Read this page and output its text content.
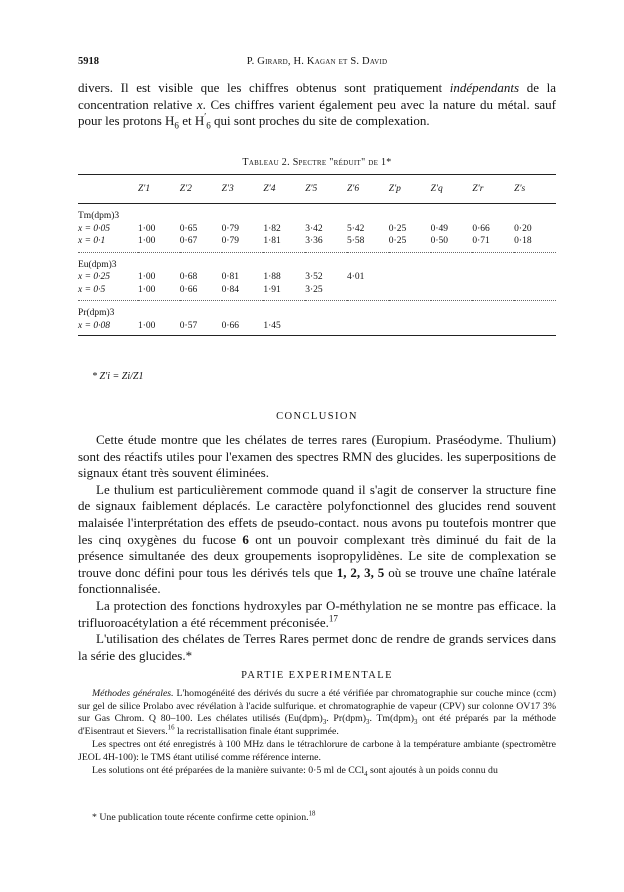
5918	P. Girard, H. Kagan et S. David

divers. Il est visible que les chiffres obtenus sont pratiquement indépendants de la concentration relative x. Ces chiffres varient également peu avec la nature du métal. sauf pour les protons $H_6$ et $H'_6$ qui sont proches du site de complexation.

Tableau 2. Spectre "réduit" de 1*
	Z′1	Z′2	Z′3	Z′4	Z′5	Z′6	Z′p	Z′q	Z′r	Z′s
Tm(dpm)3										
x = 0·05	1·00	0·65	0·79	1·82	3·42	5·42	0·25	0·49	0·66	0·20
x = 0·1	1·00	0·67	0·79	1·81	3·36	5·58	0·25	0·50	0·71	0·18

Eu(dpm)3										
x = 0·25	1·00	0·68	0·81	1·88	3·52	4·01				
x = 0·5	1·00	0·66	0·84	1·91	3·25					

Pr(dpm)3										
x = 0·08	1·00	0·57	0·66	1·45						
* Z′i = Zi/Z1
CONCLUSION

Cette étude montre que les chélates de terres rares (Europium. Praséodyme. Thulium) sont des réactifs utiles pour l'examen des spectres RMN des glucides. les superpositions de signaux étant très souvent éliminées.

Le thulium est particulièrement commode quand il s'agit de conserver la structure fine de signaux faiblement déplacés. Le caractère polyfonctionnel des glucides rend souvent malaisée l'interprétation des effets de pseudo-contact. nous avons pu toutefois montrer que les cinq oxygènes du fucose 6 ont un pouvoir complexant très diminué du fait de la présence simultanée des deux groupements isopropylidènes. Le site de complexation se trouve donc défini pour tous les dérivés tels que 1, 2, 3, 5 où se trouve une chaîne latérale fonctionnalisée.

La protection des fonctions hydroxyles par O-méthylation ne se montre pas efficace. la trifluoroacétylation a été récemment préconisée.$^{17}$

L'utilisation des chélates de Terres Rares permet donc de rendre de grands services dans la série des glucides.*

PARTIE EXPERIMENTALE

Méthodes générales. L'homogénéité des dérivés du sucre a été vérifiée par chromatographie sur couche mince (ccm) sur gel de silice Prolabo avec révélation à l'acide sulfurique. et chromatographie de vapeur (CPV) sur colonne OV17 3% sur Gas Chrom. Q 80–100. Les chélates utilisés ($Eu(dpm)_3$. $Pr(dpm)_3$. $Tm(dpm)_3$ ont été préparés par la méthode d'Eisentraut et Sievers.$^{16}$ la recristallisation finale étant supprimée.

Les spectres ont été enregistrés à 100 MHz dans le tétrachlorure de carbone à la température ambiante (spectromètre JEOL 4H-100): le TMS étant utilisé comme référence interne.

Les solutions ont été préparées de la manière suivante: 0·5 ml de CCl$_4$ sont ajoutés à un poids connu du

* Une publication toute récente confirme cette opinion.$^{18}$
